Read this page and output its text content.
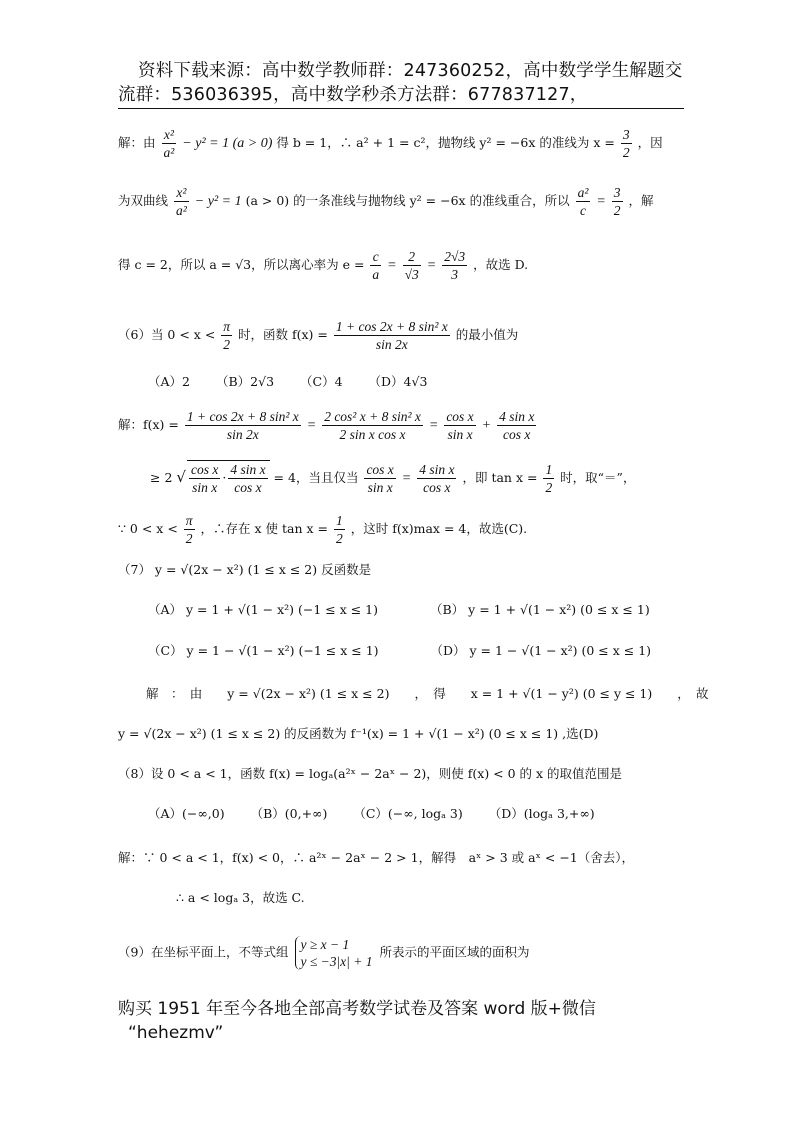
资料下载来源：高中数学教师群：247360252，高中数学学生解题交
流群：536036395，高中数学秒杀方法群：677837127，
解：由 $\frac{\text{x²}}{\text{a²}} - y^2 = 1$ (a > 0) 得 b = 1，∴ a² + 1 = c²，抛物线 y² = −6x 的准线为 $x = \frac{3}{2}$ ，因
为双曲线 $\frac{\text{x²}}{\text{a²}} - y^2 = 1$ (a > 0) 的一条准线与抛物线 y² = −6x 的准线重合，所以 $\frac{\text{a²}}{c} = \frac{3}{2}$ ，解
得 c = 2，所以 a = √3，所以离心率为 $e = \frac{c}{a} = \frac{2}{√3} = \frac{2√3}{3}$ ，故选 D.
（6）当 $0 < x < \frac{\pi}{2}$ 时，函数 $f(x) = \frac{\text{1 + cos 2x + 8 sin² x}}{\sin 2x}$ 的最小值为
（A）2 （B）2√3 （C）4 （D）4√3
解：$f(x) = \frac{\text{1 + cos 2x + 8 sin² x}}{\sin 2x} = \frac{\text{2 cos² x + 8 sin² x}}{\text{2 sin x cos x}} = \frac{\text{cos x}}{\text{sin x}} + \frac{\text{4 sin x}}{\text{cos x}}$
≥ 2 √ $\frac{\text{cos x}}{\text{sin x}} \cdot \frac{\text{4 sin x}}{\text{cos x}} = 4$，当且仅当 $\frac{\text{cos x}}{\text{sin x}} = \frac{\text{4 sin x}}{\text{cos x}}$ ，即 $\tan x = \frac{1}{2}$ 时，取“＝”，
∵ $0 < x < \frac{\pi}{2}$ ，∴存在 x 使 $\tan x = \frac{1}{2}$ ，这时 f(x)max = 4，故选(C).
（7） y = √(2x − x²) (1 ≤ x ≤ 2) 反函数是
（A） y = 1 + √(1 − x²) (−1 ≤ x ≤ 1)	（B） y = 1 + √(1 − x²) (0 ≤ x ≤ 1)
（C） y = 1 − √(1 − x²) (−1 ≤ x ≤ 1)	（D） y = 1 − √(1 − x²) (0 ≤ x ≤ 1)
解　：　由　　y = √(2x − x²) (1 ≤ x ≤ 2)　　，　得　　x = 1 + √(1 − y²) (0 ≤ y ≤ 1)　　，　故
y = √(2x − x²) (1 ≤ x ≤ 2) 的反函数为 f⁻¹(x) = 1 + √(1 − x²) (0 ≤ x ≤ 1) ,选(D)
（8）设 0 < a < 1，函数 f(x) = logₐ(a²ˣ − 2aˣ − 2)，则使 f(x) < 0 的 x 的取值范围是
（A）(−∞,0) （B）(0,+∞) （C）(−∞, logₐ 3) （D）(logₐ 3,+∞)
解：∵ 0 < a < 1，f(x) < 0，∴ a²ˣ − 2aˣ − 2 > 1，解得　aˣ > 3 或 aˣ < −1（舍去），
∴ a < logₐ 3，故选 C.
（9）在坐标平面上，不等式组 y ≥ x − 1
y ≤ −3|x| + 1
所表示的平面区域的面积为
购买 1951 年至今各地全部高考数学试卷及答案 word 版+微信
“hehezmv”
